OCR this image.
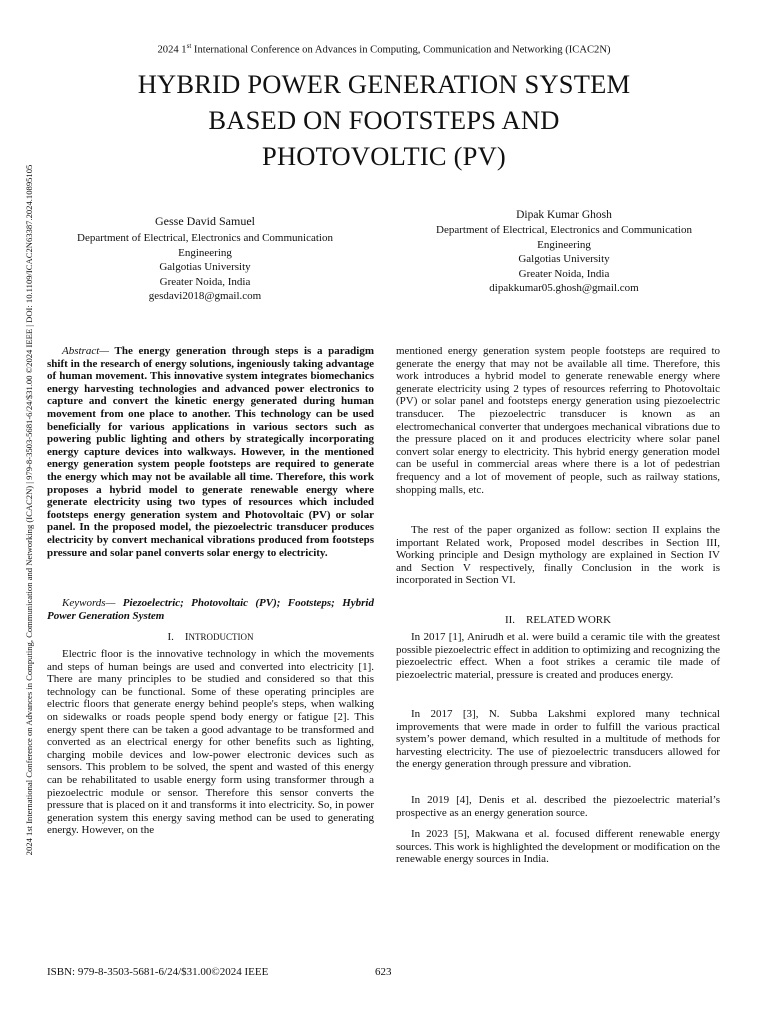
2024 1st International Conference on Advances in Computing, Communication and Networking (ICAC2N)
HYBRID POWER GENERATION SYSTEM
BASED ON FOOTSTEPS AND
PHOTOVOLTIC (PV)
Gesse David Samuel
Department of Electrical, Electronics and Communication
Engineering
Galgotias University
Greater Noida, India
gesdavi2018@gmail.com
Dipak Kumar Ghosh
Department of Electrical, Electronics and Communication
Engineering
Galgotias University
Greater Noida, India
dipakkumar05.ghosh@gmail.com

Abstract— The energy generation through steps is a paradigm shift in the research of energy solutions, ingeniously taking advantage of human movement. This innovative system integrates biomechanics energy harvesting technologies and advanced power electronics to capture and convert the kinetic energy generated during human movement from one place to another. This technology can be used beneficially for various applications in various sectors such as powering public lighting and others by strategically incorporating energy capture devices into walkways. However, in the mentioned energy generation system people footsteps are required to generate the energy which may not be available all time. Therefore, this work proposes a hybrid model to generate renewable energy where generate electricity using two types of resources which included footsteps energy generation system and Photovoltaic (PV) or solar panel. In the proposed model, the piezoelectric transducer produces electricity by convert mechanical vibrations produced from footsteps pressure and solar panel converts solar energy to electricity.

Keywords— Piezoelectric; Photovoltaic (PV); Footsteps; Hybrid Power Generation System

I. INTRODUCTION

Electric floor is the innovative technology in which the movements and steps of human beings are used and converted into electricity [1]. There are many principles to be studied and considered so that this technology can be functional. Some of these operating principles are electric floors that generate energy behind people's steps, when walking on sidewalks or roads people spend body energy or fatigue [2]. This energy spent there can be taken a good advantage to be transformed and converted as an electrical energy for other benefits such as lighting, charging mobile devices and low-power electronic devices such as sensors. This problem to be solved, the spent and wasted of this energy can be rehabilitated to usable energy form using transformer through a piezoelectric module or sensor. Therefore this sensor converts the pressure that is placed on it and transforms it into electricity. So, in power generation system this energy saving method can be used to generating energy. However, on the

mentioned energy generation system people footsteps are required to generate the energy that may not be available all time. Therefore, this work introduces a hybrid model to generate renewable energy where generate electricity using 2 types of resources referring to Photovoltaic (PV) or solar panel and footsteps energy generation using piezoelectric transducer. The piezoelectric transducer is known as an electromechanical converter that undergoes mechanical vibrations due to the pressure placed on it and produces electricity where solar panel convert solar energy to electricity. This hybrid energy generation model can be useful in commercial areas where there is a lot of pedestrian frequency and a lot of movement of people, such as railway stations, shopping malls, etc.

The rest of the paper organized as follow: section II explains the important Related work, Proposed model describes in Section III, Working principle and Design mythology are explained in Section IV and Section V respectively, finally Conclusion in the work is incorporated in Section VI.

II. RELATED WORK

In 2017 [1], Anirudh et al. were build a ceramic tile with the greatest possible piezoelectric effect in addition to optimizing and recognizing the piezoelectric effect. When a foot strikes a ceramic tile made of piezoelectric material, pressure is created and produces energy.

In 2017 [3], N. Subba Lakshmi explored many technical improvements that were made in order to fulfill the various practical system’s power demand, which resulted in a multitude of methods for harvesting electricity. The use of piezoelectric transducers allowed for the energy generation through pressure and vibration.

In 2019 [4], Denis et al. described the piezoelectric material’s prospective as an energy generation source.

In 2023 [5], Makwana et al. focused different renewable energy sources. This work is highlighted the development or modification on the renewable energy sources in India.

ISBN: 979-8-3503-5681-6/24/$31.00©2024 IEEE	623
2024 1st International Conference on Advances in Computing, Communication and Networking (ICAC2N) | 979-8-3503-5681-6/24/$31.00 ©2024 IEEE | DOI: 10.1109/ICAC2N63387.2024.10895105
